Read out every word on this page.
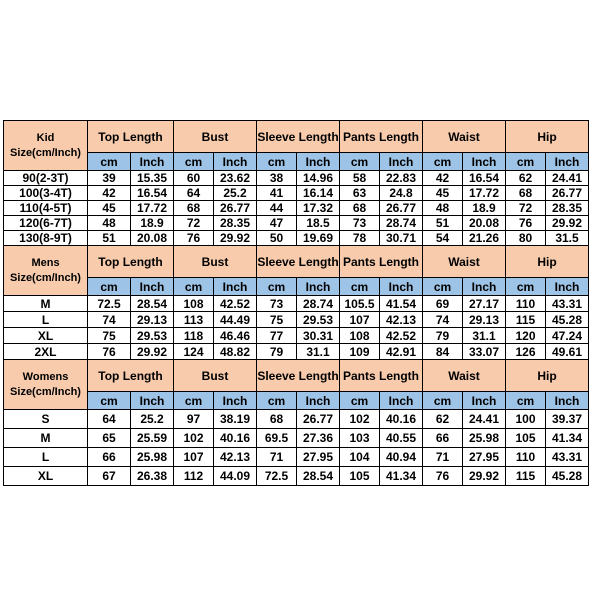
Kid
Size(cm/Inch)	Top Length		Bust		Sleeve Length		Pants Length		Waist		Hip	
	cm	Inch	cm	Inch	cm	Inch	cm	Inch	cm	Inch	cm	Inch
90(2-3T)	39	15.35	60	23.62	38	14.96	58	22.83	42	16.54	62	24.41
100(3-4T)	42	16.54	64	25.2	41	16.14	63	24.8	45	17.72	68	26.77
110(4-5T)	45	17.72	68	26.77	44	17.32	68	26.77	48	18.9	72	28.35
120(6-7T)	48	18.9	72	28.35	47	18.5	73	28.74	51	20.08	76	29.92
130(8-9T)	51	20.08	76	29.92	50	19.69	78	30.71	54	21.26	80	31.5

Mens
Size(cm/Inch)	Top Length		Bust		Sleeve Length		Pants Length		Waist		Hip	
	cm	Inch	cm	Inch	cm	Inch	cm	Inch	cm	Inch	cm	Inch
M	72.5	28.54	108	42.52	73	28.74	105.5	41.54	69	27.17	110	43.31
L	74	29.13	113	44.49	75	29.53	107	42.13	74	29.13	115	45.28
XL	75	29.53	118	46.46	77	30.31	108	42.52	79	31.1	120	47.24
2XL	76	29.92	124	48.82	79	31.1	109	42.91	84	33.07	126	49.61

Womens
Size(cm/Inch)	Top Length		Bust		Sleeve Length		Pants Length		Waist		Hip	
	cm	Inch	cm	Inch	cm	Inch	cm	Inch	cm	Inch	cm	Inch
S	64	25.2	97	38.19	68	26.77	102	40.16	62	24.41	100	39.37
M	65	25.59	102	40.16	69.5	27.36	103	40.55	66	25.98	105	41.34
L	66	25.98	107	42.13	71	27.95	104	40.94	71	27.95	110	43.31
XL	67	26.38	112	44.09	72.5	28.54	105	41.34	76	29.92	115	45.28
